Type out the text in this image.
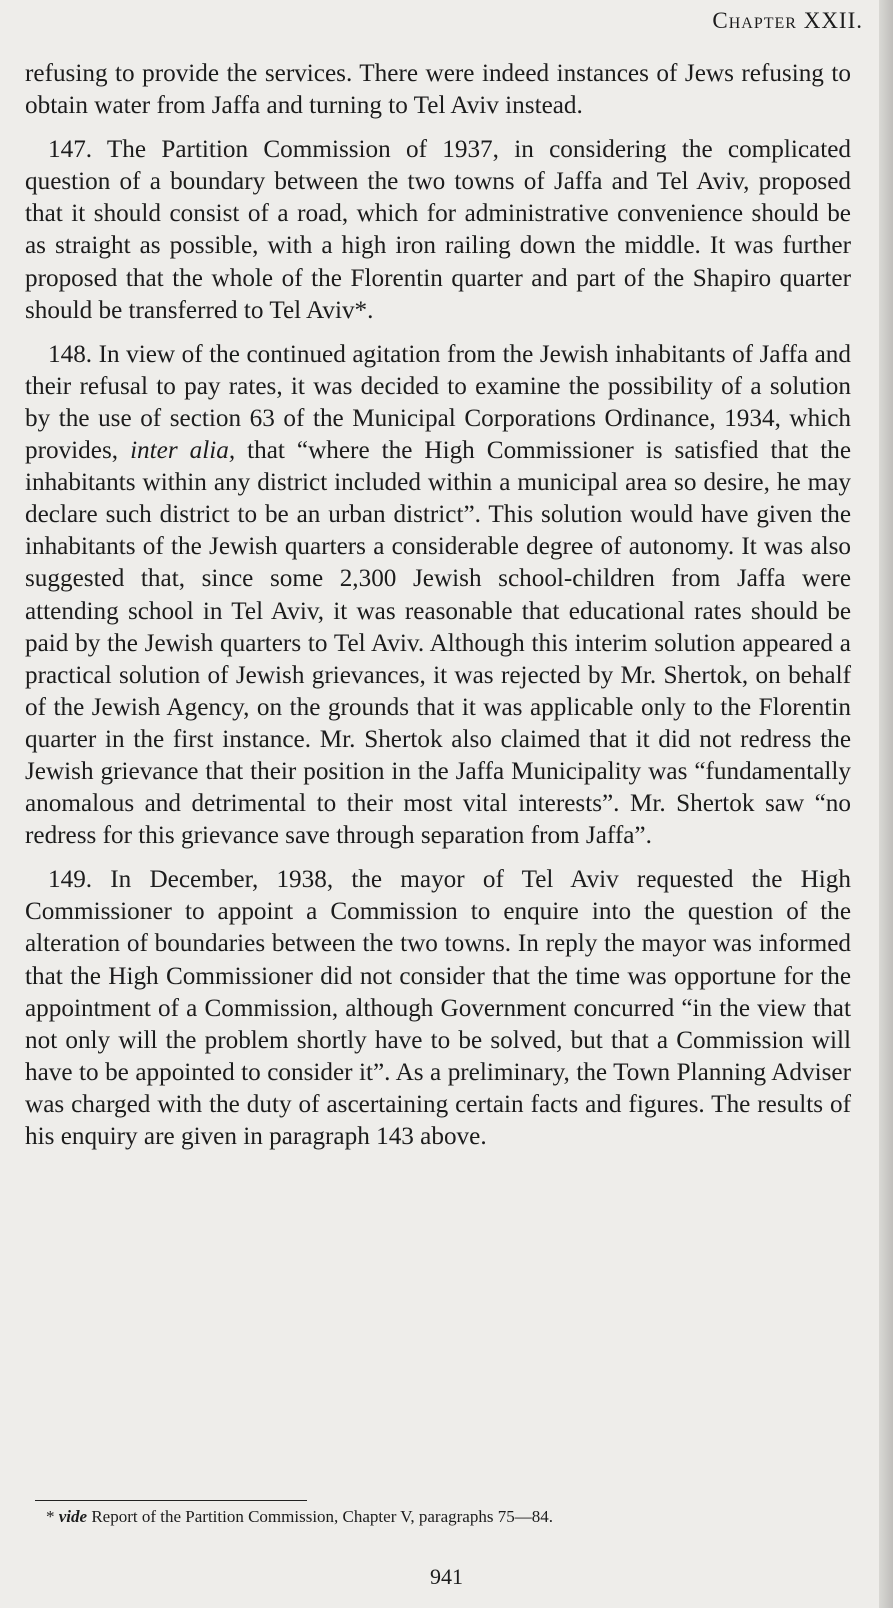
Chapter XXII.

refusing to provide the services. There were indeed instances of Jews refusing to obtain water from Jaffa and turning to Tel Aviv instead.

147. The Partition Commission of 1937, in considering the complicated question of a boundary between the two towns of Jaffa and Tel Aviv, proposed that it should consist of a road, which for administrative convenience should be as straight as possible, with a high iron railing down the middle. It was further proposed that the whole of the Florentin quarter and part of the Shapiro quarter should be transferred to Tel Aviv*.

148. In view of the continued agitation from the Jewish inhabitants of Jaffa and their refusal to pay rates, it was decided to examine the possibility of a solution by the use of section 63 of the Municipal Corporations Ordinance, 1934, which provides, inter alia, that “where the High Commissioner is satisfied that the inhabitants within any district included within a municipal area so desire, he may declare such district to be an urban district”. This solution would have given the inhabitants of the Jewish quarters a considerable degree of autonomy. It was also suggested that, since some 2,300 Jewish school-children from Jaffa were attending school in Tel Aviv, it was reasonable that educational rates should be paid by the Jewish quarters to Tel Aviv. Although this interim solution appeared a practical solution of Jewish grievances, it was rejected by Mr. Shertok, on behalf of the Jewish Agency, on the grounds that it was applicable only to the Florentin quarter in the first instance. Mr. Shertok also claimed that it did not redress the Jewish grievance that their position in the Jaffa Municipality was “fundamentally anomalous and detrimental to their most vital interests”. Mr. Shertok saw “no redress for this grievance save through separation from Jaffa”.

149. In December, 1938, the mayor of Tel Aviv requested the High Commissioner to appoint a Commission to enquire into the question of the alteration of boundaries between the two towns. In reply the mayor was informed that the High Commissioner did not consider that the time was opportune for the appointment of a Commission, although Government concurred “in the view that not only will the problem shortly have to be solved, but that a Commission will have to be appointed to consider it”. As a preliminary, the Town Planning Adviser was charged with the duty of ascertaining certain facts and figures. The results of his enquiry are given in paragraph 143 above.

* vide Report of the Partition Commission, Chapter V, paragraphs 75—84.

941
